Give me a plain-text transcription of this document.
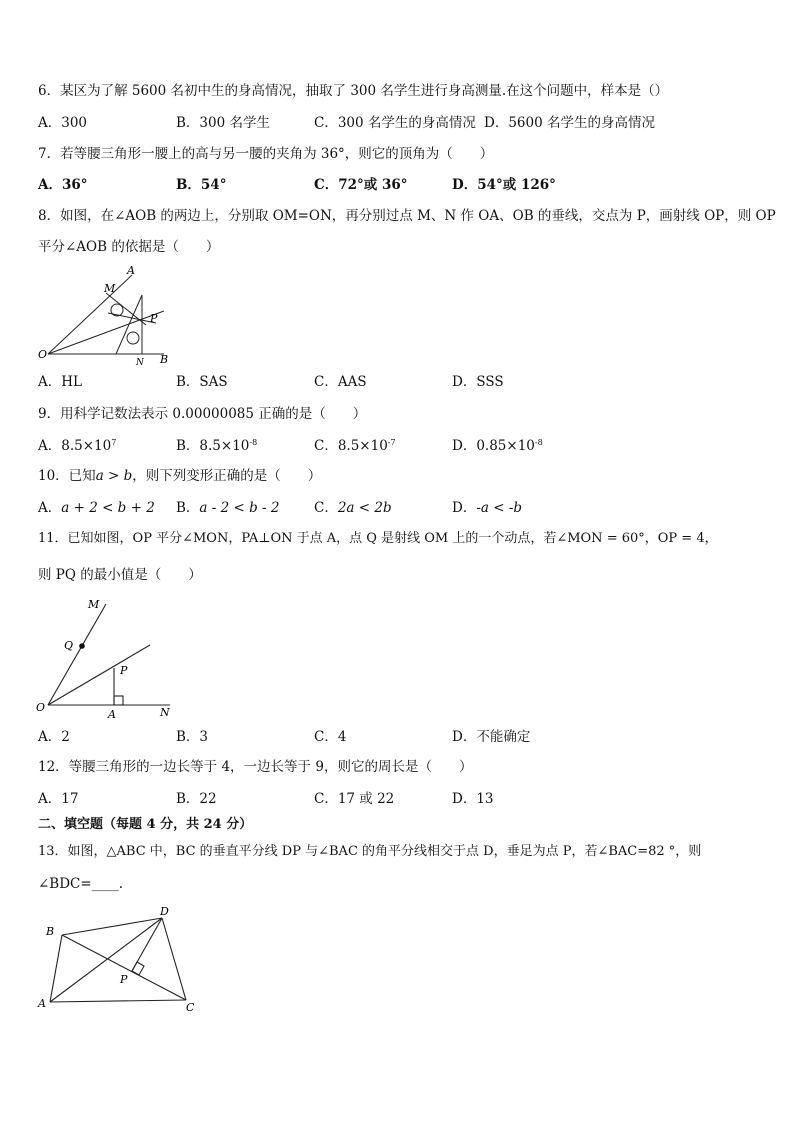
6．某区为了解 5600 名初中生的身高情况，抽取了 300 名学生进行身高测量.在这个问题中，样本是（）
A．300	B．300 名学生	C．300 名学生的身高情况 D．5600 名学生的身高情况
7．若等腰三角形一腰上的高与另一腰的夹角为 36°，则它的顶角为（　　）
A．36°	B．54°	C．72°或 36°	D．54°或 126°
8．如图，在∠AOB 的两边上，分别取 OM=ON，再分别过点 M、N 作 OA、OB 的垂线，交点为 P，画射线 OP，则 OP
平分∠AOB 的依据是（　　）
A
M
P
O
N B
A．HL	B．SAS	C．AAS	D．SSS
9．用科学记数法表示 0.00000085 正确的是（　　）
A．$8.5\times 10^7$	B．$8.5\times 10^{-8}$	C．$8.5\times 10^{-7}$	D．$0.85\times 10^{-8}$
10．已知a > b，则下列变形正确的是（　　）
A．a + 2 < b + 2 B．a - 2 < b - 2	C．2a < 2b	D．-a < -b
11．已知如图，OP 平分∠MON，PA⊥ON 于点 A，点 Q 是射线 OM 上的一个动点，若∠MON = 60°，OP = 4，
则 PQ 的最小值是（　　）
M
Q
P
O
A	N
A．2	B．3	C．4	D．不能确定
12．等腰三角形的一边长等于 4，一边长等于 9，则它的周长是（　　）
A．17	B．22	C．17 或 22	D．13
二、填空题（每题 4 分，共 24 分）
13．如图，△ABC 中，BC 的垂直平分线 DP 与∠BAC 的角平分线相交于点 D，垂足为点 P，若∠BAC=82 °，则
∠BDC=____.
D
B
P
A	C
